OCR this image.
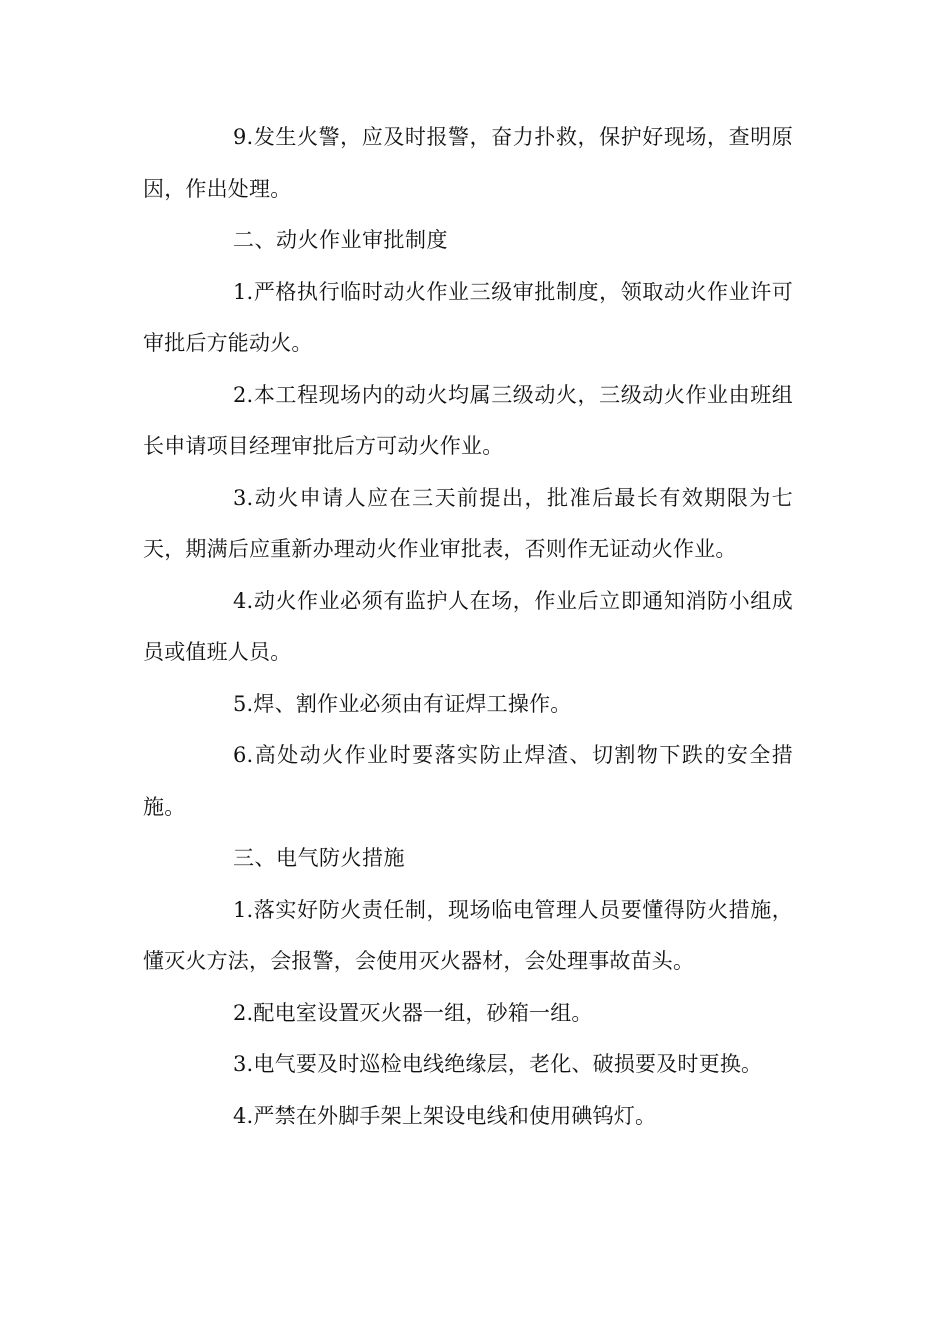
9.发生火警，应及时报警，奋力扑救，保护好现场，查明原因，作出处理。

二、动火作业审批制度

1.严格执行临时动火作业三级审批制度，领取动火作业许可审批后方能动火。

2.本工程现场内的动火均属三级动火，三级动火作业由班组长申请项目经理审批后方可动火作业。

3.动火申请人应在三天前提出，批准后最长有效期限为七天，期满后应重新办理动火作业审批表，否则作无证动火作业。

4.动火作业必须有监护人在场，作业后立即通知消防小组成员或值班人员。

5.焊、割作业必须由有证焊工操作。

6.高处动火作业时要落实防止焊渣、切割物下跌的安全措施。

三、电气防火措施

1.落实好防火责任制，现场临电管理人员要懂得防火措施，懂灭火方法，会报警，会使用灭火器材，会处理事故苗头。

2.配电室设置灭火器一组，砂箱一组。

3.电气要及时巡检电线绝缘层，老化、破损要及时更换。

4.严禁在外脚手架上架设电线和使用碘钨灯。
